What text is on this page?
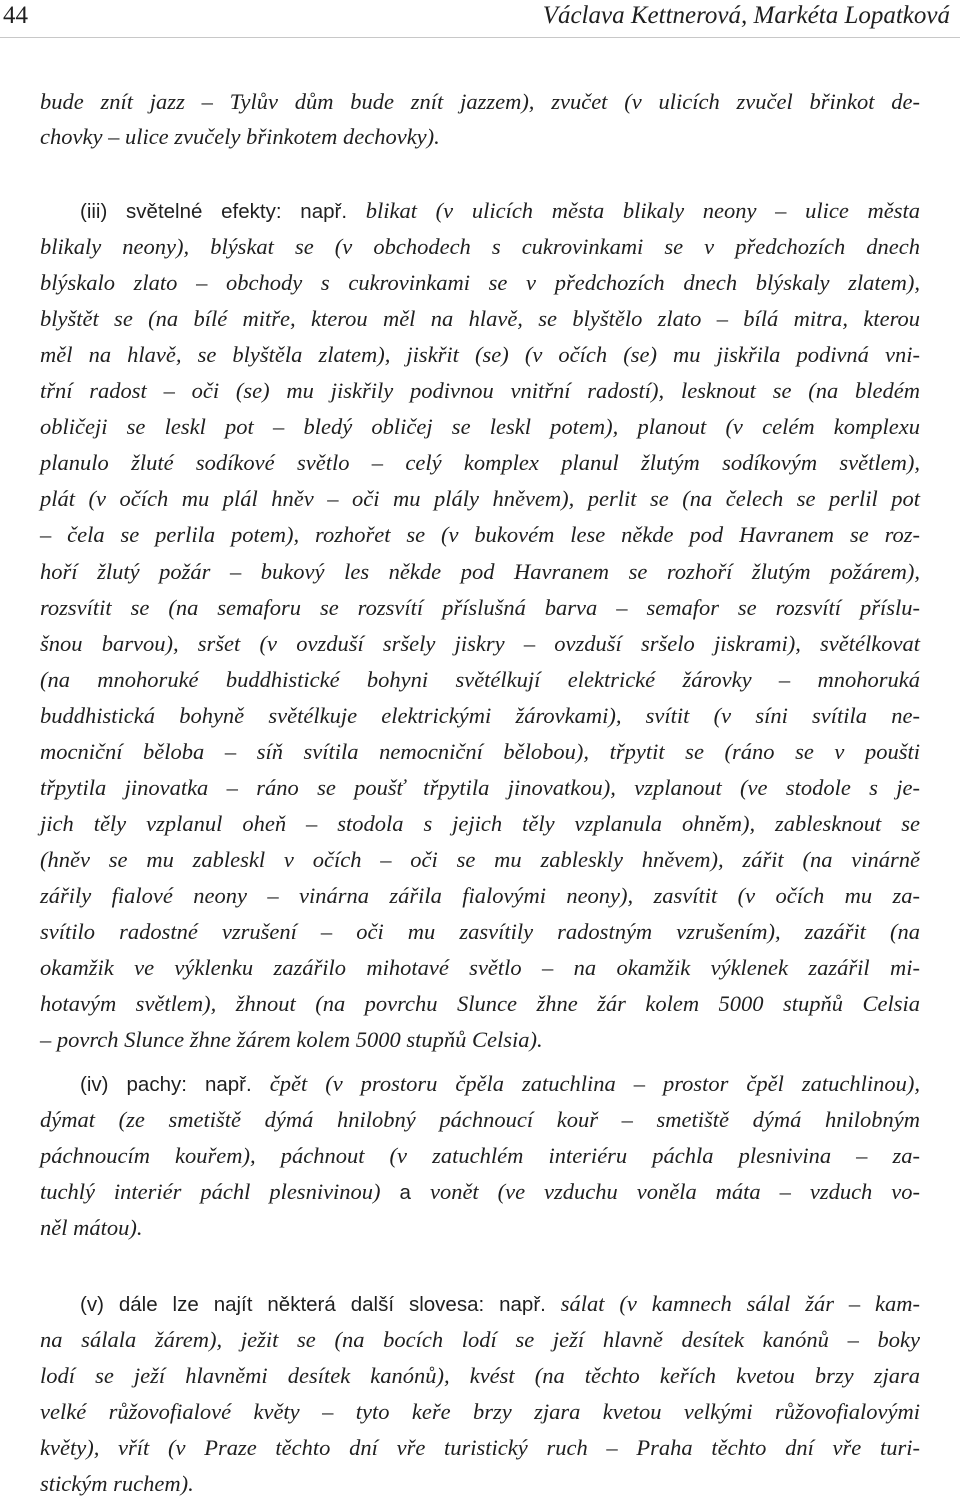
44	Václava Kettnerová, Markéta Lopatková
bude znít jazz – Tylův dům bude znít jazzem), zvučet (v ulicích zvučel břinkot de-
chovky – ulice zvučely břinkotem dechovky).
(iii) světelné efekty: např. blikat (v ulicích města blikaly neony – ulice města
blikaly neony), blýskat se (v obchodech s cukrovinkami se v předchozích dnech
blýskalo zlato – obchody s cukrovinkami se v předchozích dnech blýskaly zlatem),
blyštět se (na bílé mitře, kterou měl na hlavě, se blyštělo zlato – bílá mitra, kterou
měl na hlavě, se blyštěla zlatem), jiskřit (se) (v očích (se) mu jiskřila podivná vni-
třní radost – oči (se) mu jiskřily podivnou vnitřní radostí), lesknout se (na bledém
obličeji se leskl pot – bledý obličej se leskl potem), planout (v celém komplexu
planulo žluté sodíkové světlo – celý komplex planul žlutým sodíkovým světlem),
plát (v očích mu plál hněv – oči mu plály hněvem), perlit se (na čelech se perlil pot
– čela se perlila potem), rozhořet se (v bukovém lese někde pod Havranem se roz-
hoří žlutý požár – bukový les někde pod Havranem se rozhoří žlutým požárem),
rozsvítit se (na semaforu se rozsvítí příslušná barva – semafor se rozsvítí příslu-
šnou barvou), sršet (v ovzduší sršely jiskry – ovzduší sršelo jiskrami), světélkovat
(na mnohoruké buddhistické bohyni světélkují elektrické žárovky – mnohoruká
buddhistická bohyně světélkuje elektrickými žárovkami), svítit (v síni svítila ne-
mocniční běloba – síň svítila nemocniční bělobou), třpytit se (ráno se v poušti
třpytila jinovatka – ráno se poušť třpytila jinovatkou), vzplanout (ve stodole s je-
jich těly vzplanul oheň – stodola s jejich těly vzplanula ohněm), zablesknout se
(hněv se mu zableskl v očích – oči se mu zableskly hněvem), zářit (na vinárně
zářily fialové neony – vinárna zářila fialovými neony), zasvítit (v očích mu za-
svítilo radostné vzrušení – oči mu zasvítily radostným vzrušením), zazářit (na
okamžik ve výklenku zazářilo mihotavé světlo – na okamžik výklenek zazářil mi-
hotavým světlem), žhnout (na povrchu Slunce žhne žár kolem 5000 stupňů Celsia
– povrch Slunce žhne žárem kolem 5000 stupňů Celsia).
(iv) pachy: např. čpět (v prostoru čpěla zatuchlina – prostor čpěl zatuchlinou),
dýmat (ze smetiště dýmá hnilobný páchnoucí kouř – smetiště dýmá hnilobným
páchnoucím kouřem), páchnout (v zatuchlém interiéru páchla plesnivina – za-
tuchlý interiér páchl plesnivinou) a vonět (ve vzduchu voněla máta – vzduch vo-
něl mátou).
(v) dále lze najít některá další slovesa: např. sálat (v kamnech sálal žár – kam-
na sálala žárem), ježit se (na bocích lodí se ježí hlavně desítek kanónů – boky
lodí se ježí hlavněmi desítek kanónů), kvést (na těchto keřích kvetou brzy zjara
velké růžovofialové květy – tyto keře brzy zjara kvetou velkými růžovofialovými
květy), vřít (v Praze těchto dní vře turistický ruch – Praha těchto dní vře turi-
stickým ruchem).
